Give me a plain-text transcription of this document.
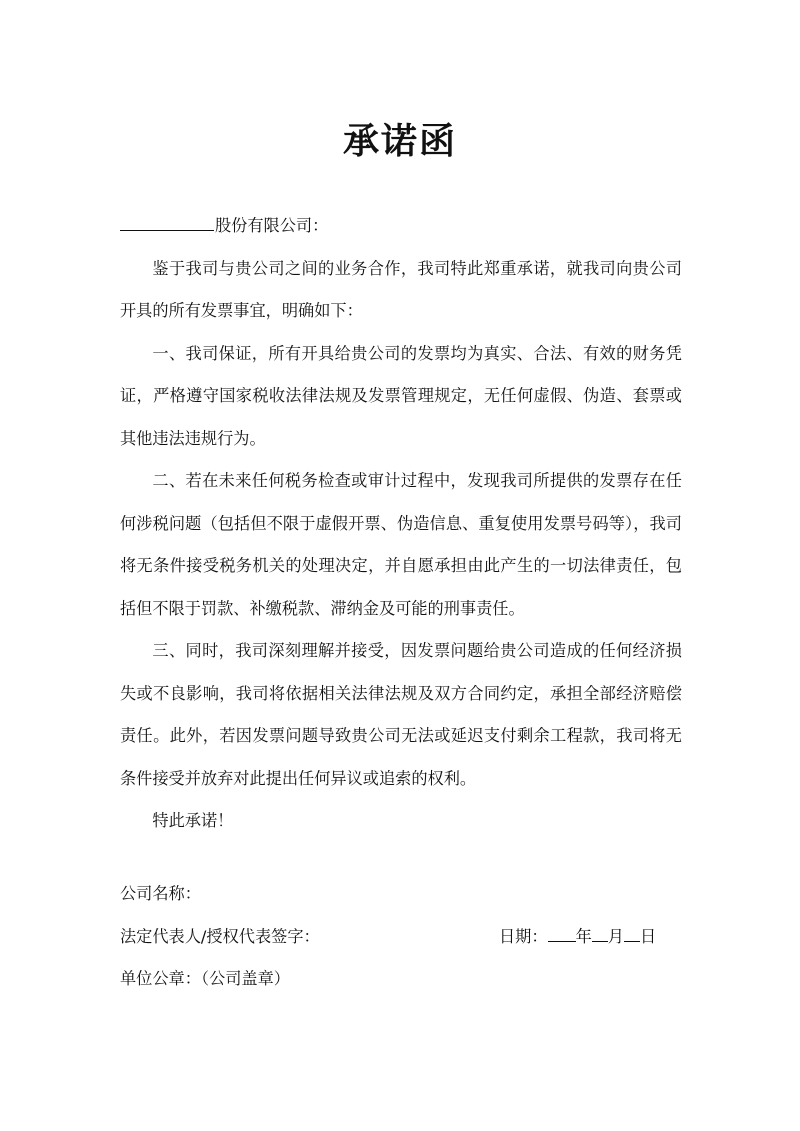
承诺函

股份有限公司：

鉴于我司与贵公司之间的业务合作，我司特此郑重承诺，就我司向贵公司开具的所有发票事宜，明确如下：

一、我司保证，所有开具给贵公司的发票均为真实、合法、有效的财务凭证，严格遵守国家税收法律法规及发票管理规定，无任何虚假、伪造、套票或其他违法违规行为。

二、若在未来任何税务检查或审计过程中，发现我司所提供的发票存在任何涉税问题（包括但不限于虚假开票、伪造信息、重复使用发票号码等），我司将无条件接受税务机关的处理决定，并自愿承担由此产生的一切法律责任，包括但不限于罚款、补缴税款、滞纳金及可能的刑事责任。

三、同时，我司深刻理解并接受，因发票问题给贵公司造成的任何经济损失或不良影响，我司将依据相关法律法规及双方合同约定，承担全部经济赔偿责任。此外，若因发票问题导致贵公司无法或延迟支付剩余工程款，我司将无条件接受并放弃对此提出任何异议或追索的权利。

特此承诺！

公司名称：
法定代表人/授权代表签字：	日期： 年 月 日
单位公章：（公司盖章）
